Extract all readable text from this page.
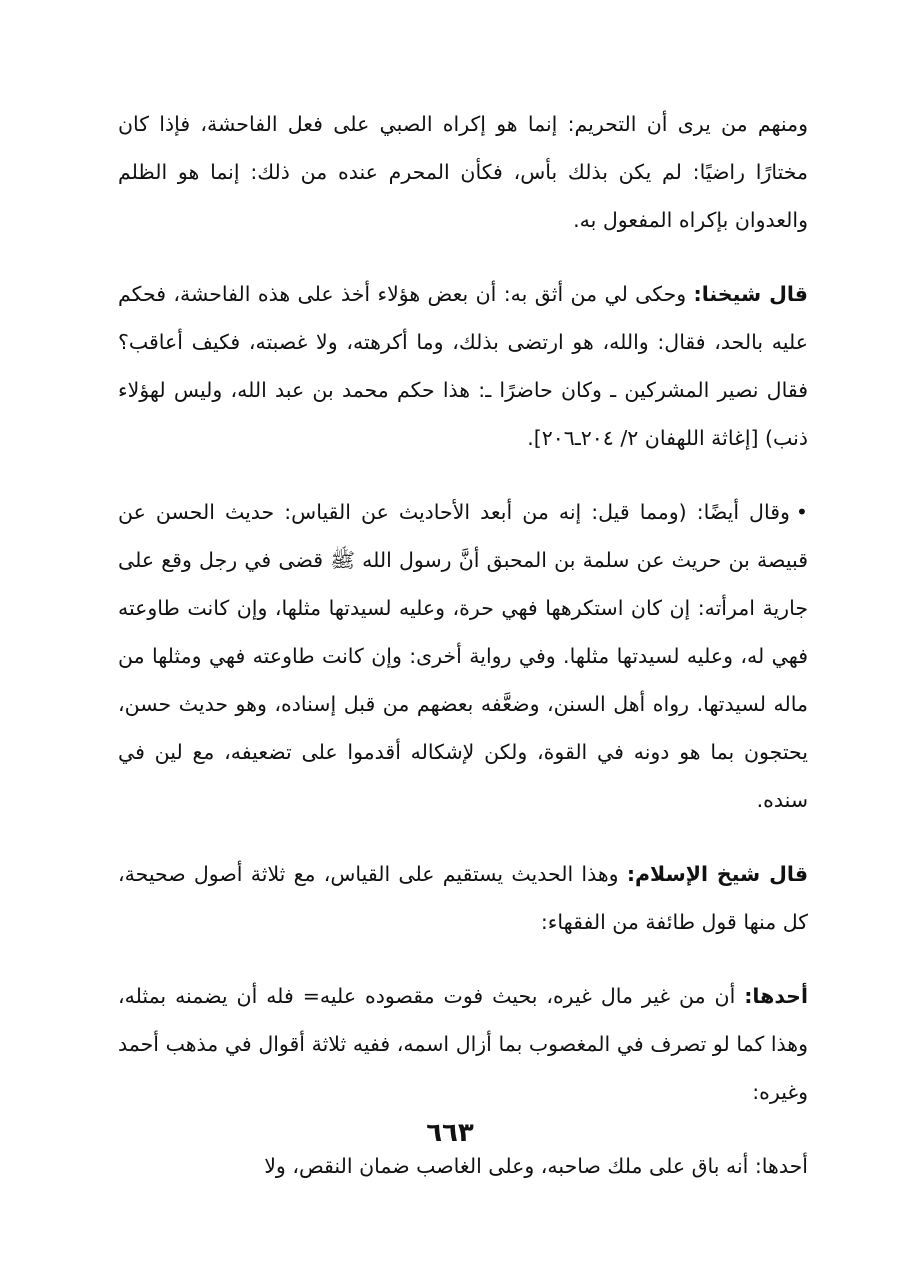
ومنهم من يرى أن التحريم: إنما هو إكراه الصبي على فعل الفاحشة، فإذا كان مختارًا راضيًا: لم يكن بذلك بأس، فكأن المحرم عنده من ذلك: إنما هو الظلم والعدوان بإكراه المفعول به.

قال شيخنا: وحكى لي من أثق به: أن بعض هؤلاء أخذ على هذه الفاحشة، فحكم عليه بالحد، فقال: والله، هو ارتضى بذلك، وما أكرهته، ولا غصبته، فكيف أعاقب؟ فقال نصير المشركين ـ وكان حاضرًا ـ: هذا حكم محمد بن عبد الله، وليس لهؤلاء ذنب) [إغاثة اللهفان ٢/ ٢٠٤ـ٢٠٦].

•وقال أيضًا: (ومما قيل: إنه من أبعد الأحاديث عن القياس: حديث الحسن عن قبيصة بن حريث عن سلمة بن المحبق أنَّ رسول الله ﷺ قضى في رجل وقع على جارية امرأته: إن كان استكرهها فهي حرة، وعليه لسيدتها مثلها، وإن كانت طاوعته فهي له، وعليه لسيدتها مثلها. وفي رواية أخرى: وإن كانت طاوعته فهي ومثلها من ماله لسيدتها. رواه أهل السنن، وضعَّفه بعضهم من قبل إسناده، وهو حديث حسن، يحتجون بما هو دونه في القوة، ولكن لإشكاله أقدموا على تضعيفه، مع لين في سنده.

قال شيخ الإسلام: وهذا الحديث يستقيم على القياس، مع ثلاثة أصول صحيحة، كل منها قول طائفة من الفقهاء:

أحدها: أن من غير مال غيره، بحيث فوت مقصوده عليه= فله أن يضمنه بمثله، وهذا كما لو تصرف في المغصوب بما أزال اسمه، ففيه ثلاثة أقوال في مذهب أحمد وغيره:

أحدها: أنه باق على ملك صاحبه، وعلى الغاصب ضمان النقص، ولا

٦٦٣
